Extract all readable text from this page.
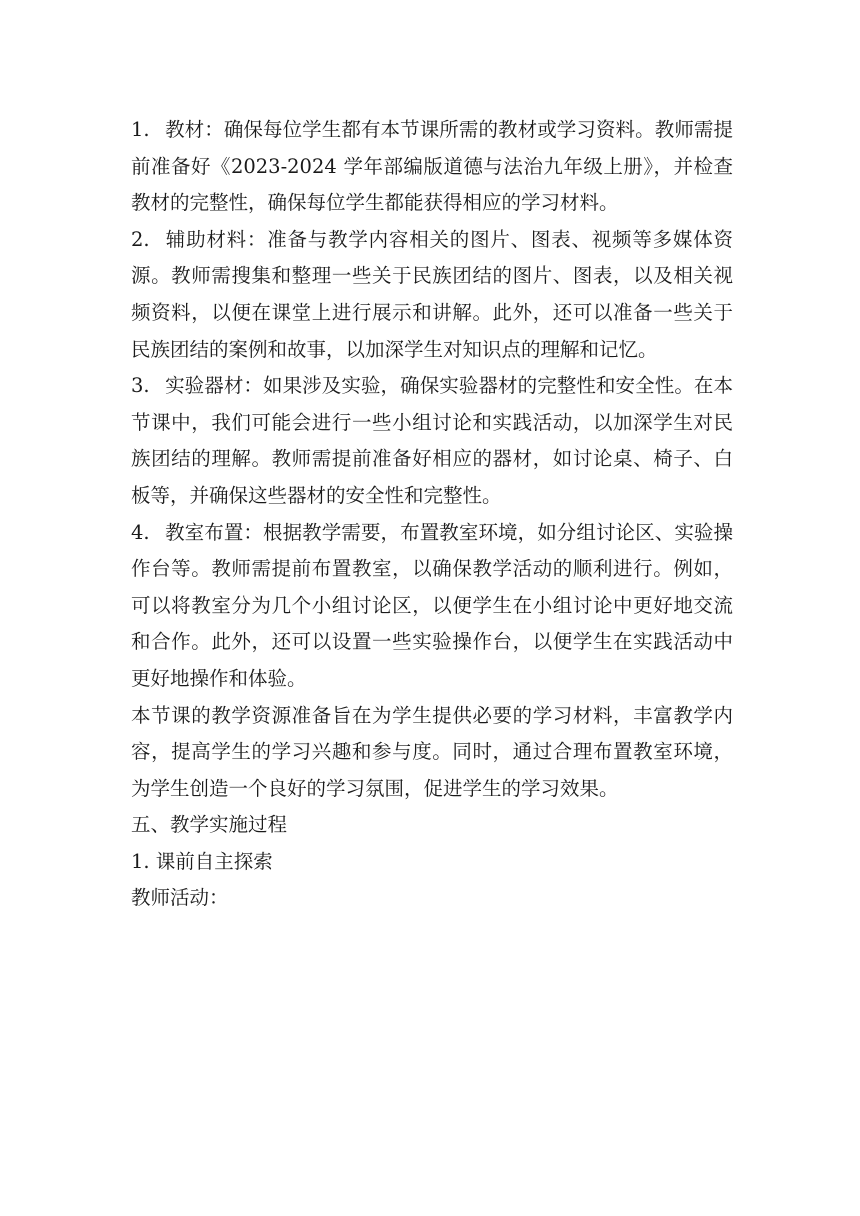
1. 教材：确保每位学生都有本节课所需的教材或学习资料。教师需提前准备好《2023-2024 学年部编版道德与法治九年级上册》，并检查教材的完整性，确保每位学生都能获得相应的学习材料。

2. 辅助材料：准备与教学内容相关的图片、图表、视频等多媒体资源。教师需搜集和整理一些关于民族团结的图片、图表，以及相关视频资料，以便在课堂上进行展示和讲解。此外，还可以准备一些关于民族团结的案例和故事，以加深学生对知识点的理解和记忆。

3. 实验器材：如果涉及实验，确保实验器材的完整性和安全性。在本节课中，我们可能会进行一些小组讨论和实践活动，以加深学生对民族团结的理解。教师需提前准备好相应的器材，如讨论桌、椅子、白板等，并确保这些器材的安全性和完整性。

4. 教室布置：根据教学需要，布置教室环境，如分组讨论区、实验操作台等。教师需提前布置教室，以确保教学活动的顺利进行。例如，可以将教室分为几个小组讨论区，以便学生在小组讨论中更好地交流和合作。此外，还可以设置一些实验操作台，以便学生在实践活动中更好地操作和体验。

本节课的教学资源准备旨在为学生提供必要的学习材料，丰富教学内容，提高学生的学习兴趣和参与度。同时，通过合理布置教室环境，为学生创造一个良好的学习氛围，促进学生的学习效果。

五、教学实施过程

1. 课前自主探索

教师活动：
